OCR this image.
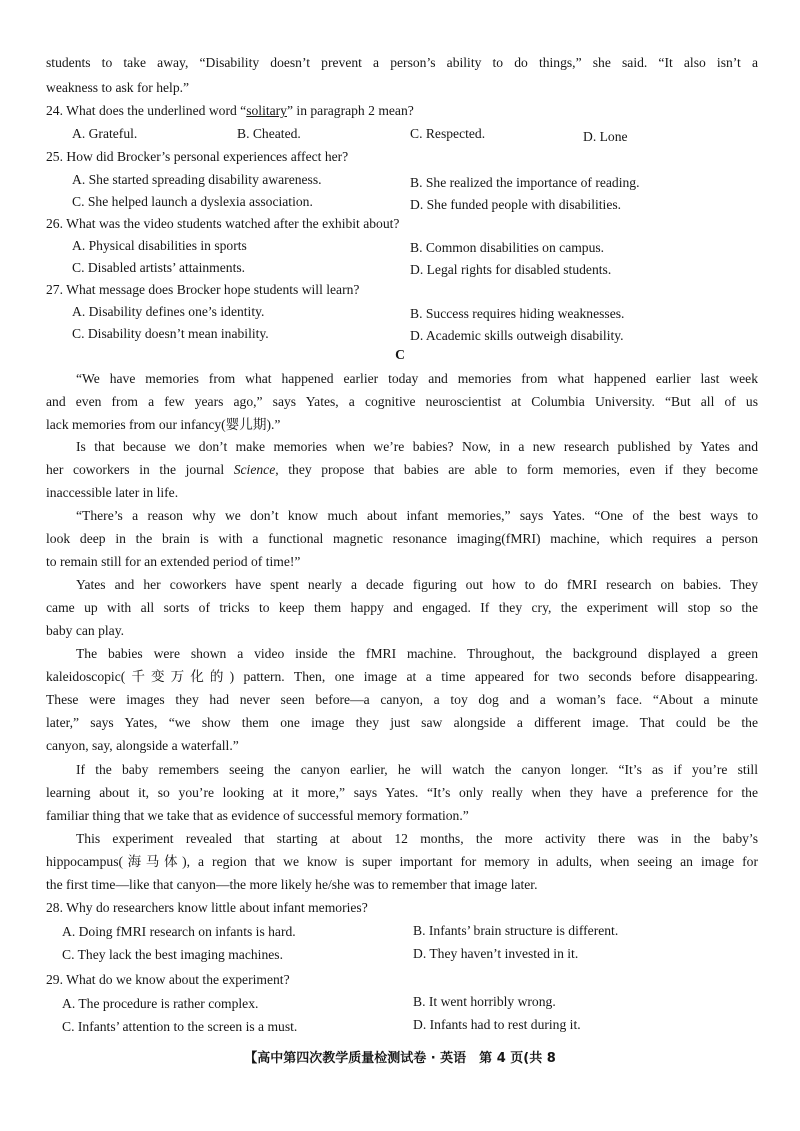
students to take away, “Disability doesn’t prevent a person’s ability to do things,” she said. “It also isn’t a
weakness to ask for help.”
24. What does the underlined word “solitary” in paragraph 2 mean?
A. Grateful.	B. Cheated.	C. Respected.	D. Lone
25. How did Brocker’s personal experiences affect her?
A. She started spreading disability awareness.	B. She realized the importance of reading.
C. She helped launch a dyslexia association.	D. She funded people with disabilities.
26. What was the video students watched after the exhibit about?
A. Physical disabilities in sports	B. Common disabilities on campus.
C. Disabled artists’ attainments.	D. Legal rights for disabled students.
27. What message does Brocker hope students will learn?
A. Disability defines one’s identity.	B. Success requires hiding weaknesses.
C. Disability doesn’t mean inability.	D. Academic skills outweigh disability.
C
“We have memories from what happened earlier today and memories from what happened earlier last week
and even from a few years ago,” says Yates, a cognitive neuroscientist at Columbia University. “But all of us
lack memories from our infancy(婴儿期).”
Is that because we don’t make memories when we’re babies? Now, in a new research published by Yates and
her coworkers in the journal Science, they propose that babies are able to form memories, even if they become
inaccessible later in life.
“There’s a reason why we don’t know much about infant memories,” says Yates. “One of the best ways to
look deep in the brain is with a functional magnetic resonance imaging(fMRI) machine, which requires a person
to remain still for an extended period of time!”
Yates and her coworkers have spent nearly a decade figuring out how to do fMRI research on babies. They
came up with all sorts of tricks to keep them happy and engaged. If they cry, the experiment will stop so the
baby can play.
The babies were shown a video inside the fMRI machine. Throughout, the background displayed a green
kaleidoscopic(千变万化的) pattern. Then, one image at a time appeared for two seconds before disappearing.
These were images they had never seen before—a canyon, a toy dog and a woman’s face. “About a minute
later,” says Yates, “we show them one image they just saw alongside a different image. That could be the
canyon, say, alongside a waterfall.”
If the baby remembers seeing the canyon earlier, he will watch the canyon longer. “It’s as if you’re still
learning about it, so you’re looking at it more,” says Yates. “It’s only really when they have a preference for the
familiar thing that we take that as evidence of successful memory formation.”
This experiment revealed that starting at about 12 months, the more activity there was in the baby’s
hippocampus(海马体), a region that we know is super important for memory in adults, when seeing an image for
the first time—like that canyon—the more likely he/she was to remember that image later.
28. Why do researchers know little about infant memories?
A. Doing fMRI research on infants is hard.	B. Infants’ brain structure is different.
C. They lack the best imaging machines.	D. They haven’t invested in it.
29. What do we know about the experiment?
A. The procedure is rather complex.	B. It went horribly wrong.
C. Infants’ attention to the screen is a must.	D. Infants had to rest during it.
【高中第四次教学质量检测试卷 · 英语　第 4 页(共 8
